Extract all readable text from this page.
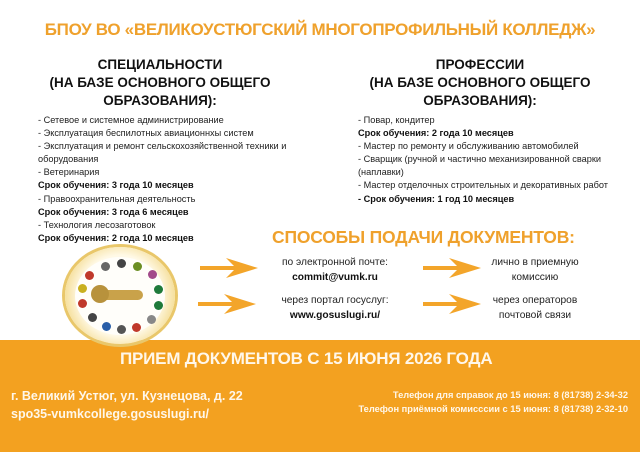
БПОУ ВО «ВЕЛИКОУСТЮГСКИЙ МНОГОПРОФИЛЬНЫЙ КОЛЛЕДЖ»
СПЕЦИАЛЬНОСТИ
(НА БАЗЕ ОСНОВНОГО ОБЩЕГО
ОБРАЗОВАНИЯ):
ПРОФЕССИИ
(НА БАЗЕ ОСНОВНОГО ОБЩЕГО
ОБРАЗОВАНИЯ):
- Сетевое и системное администрирование
- Эксплуатация беспилотных авиационнхы систем
- Эксплуатация и ремонт сельскохозяйственной техники и оборудования
- Ветеринария
Срок обучения: 3 года 10 месяцев
- Правоохранительная деятельность
Срок обучения: 3 года 6 месяцев
- Технология лесозаготовок
Срок обучения: 2 года 10 месяцев
- Повар, кондитер
Срок обучения: 2 года 10 месяцев
- Мастер по ремонту и обслуживанию автомобилей
- Сварщик (ручной и частично механизированной сварки (наплавки)
- Мастер отделочных строительных и декоративных работ
- Срок обучения: 1 год 10 месяцев
СПОСОБЫ ПОДАЧИ ДОКУМЕНТОВ:
по электронной почте:
commit@vumk.ru
через портал госуслуг:
www.gosuslugi.ru/
лично в приемную
комиссию
через операторов
почтовой связи
ПРИЕМ ДОКУМЕНТОВ С 15 ИЮНЯ 2026 ГОДА
г. Великий Устюг, ул. Кузнецова, д. 22
spo35-vumkcollege.gosuslugi.ru/
Телефон для справок до 15 июня: 8 (81738) 2-34-32
Телефон приёмной комисссии с 15 июня: 8 (81738) 2-32-10
